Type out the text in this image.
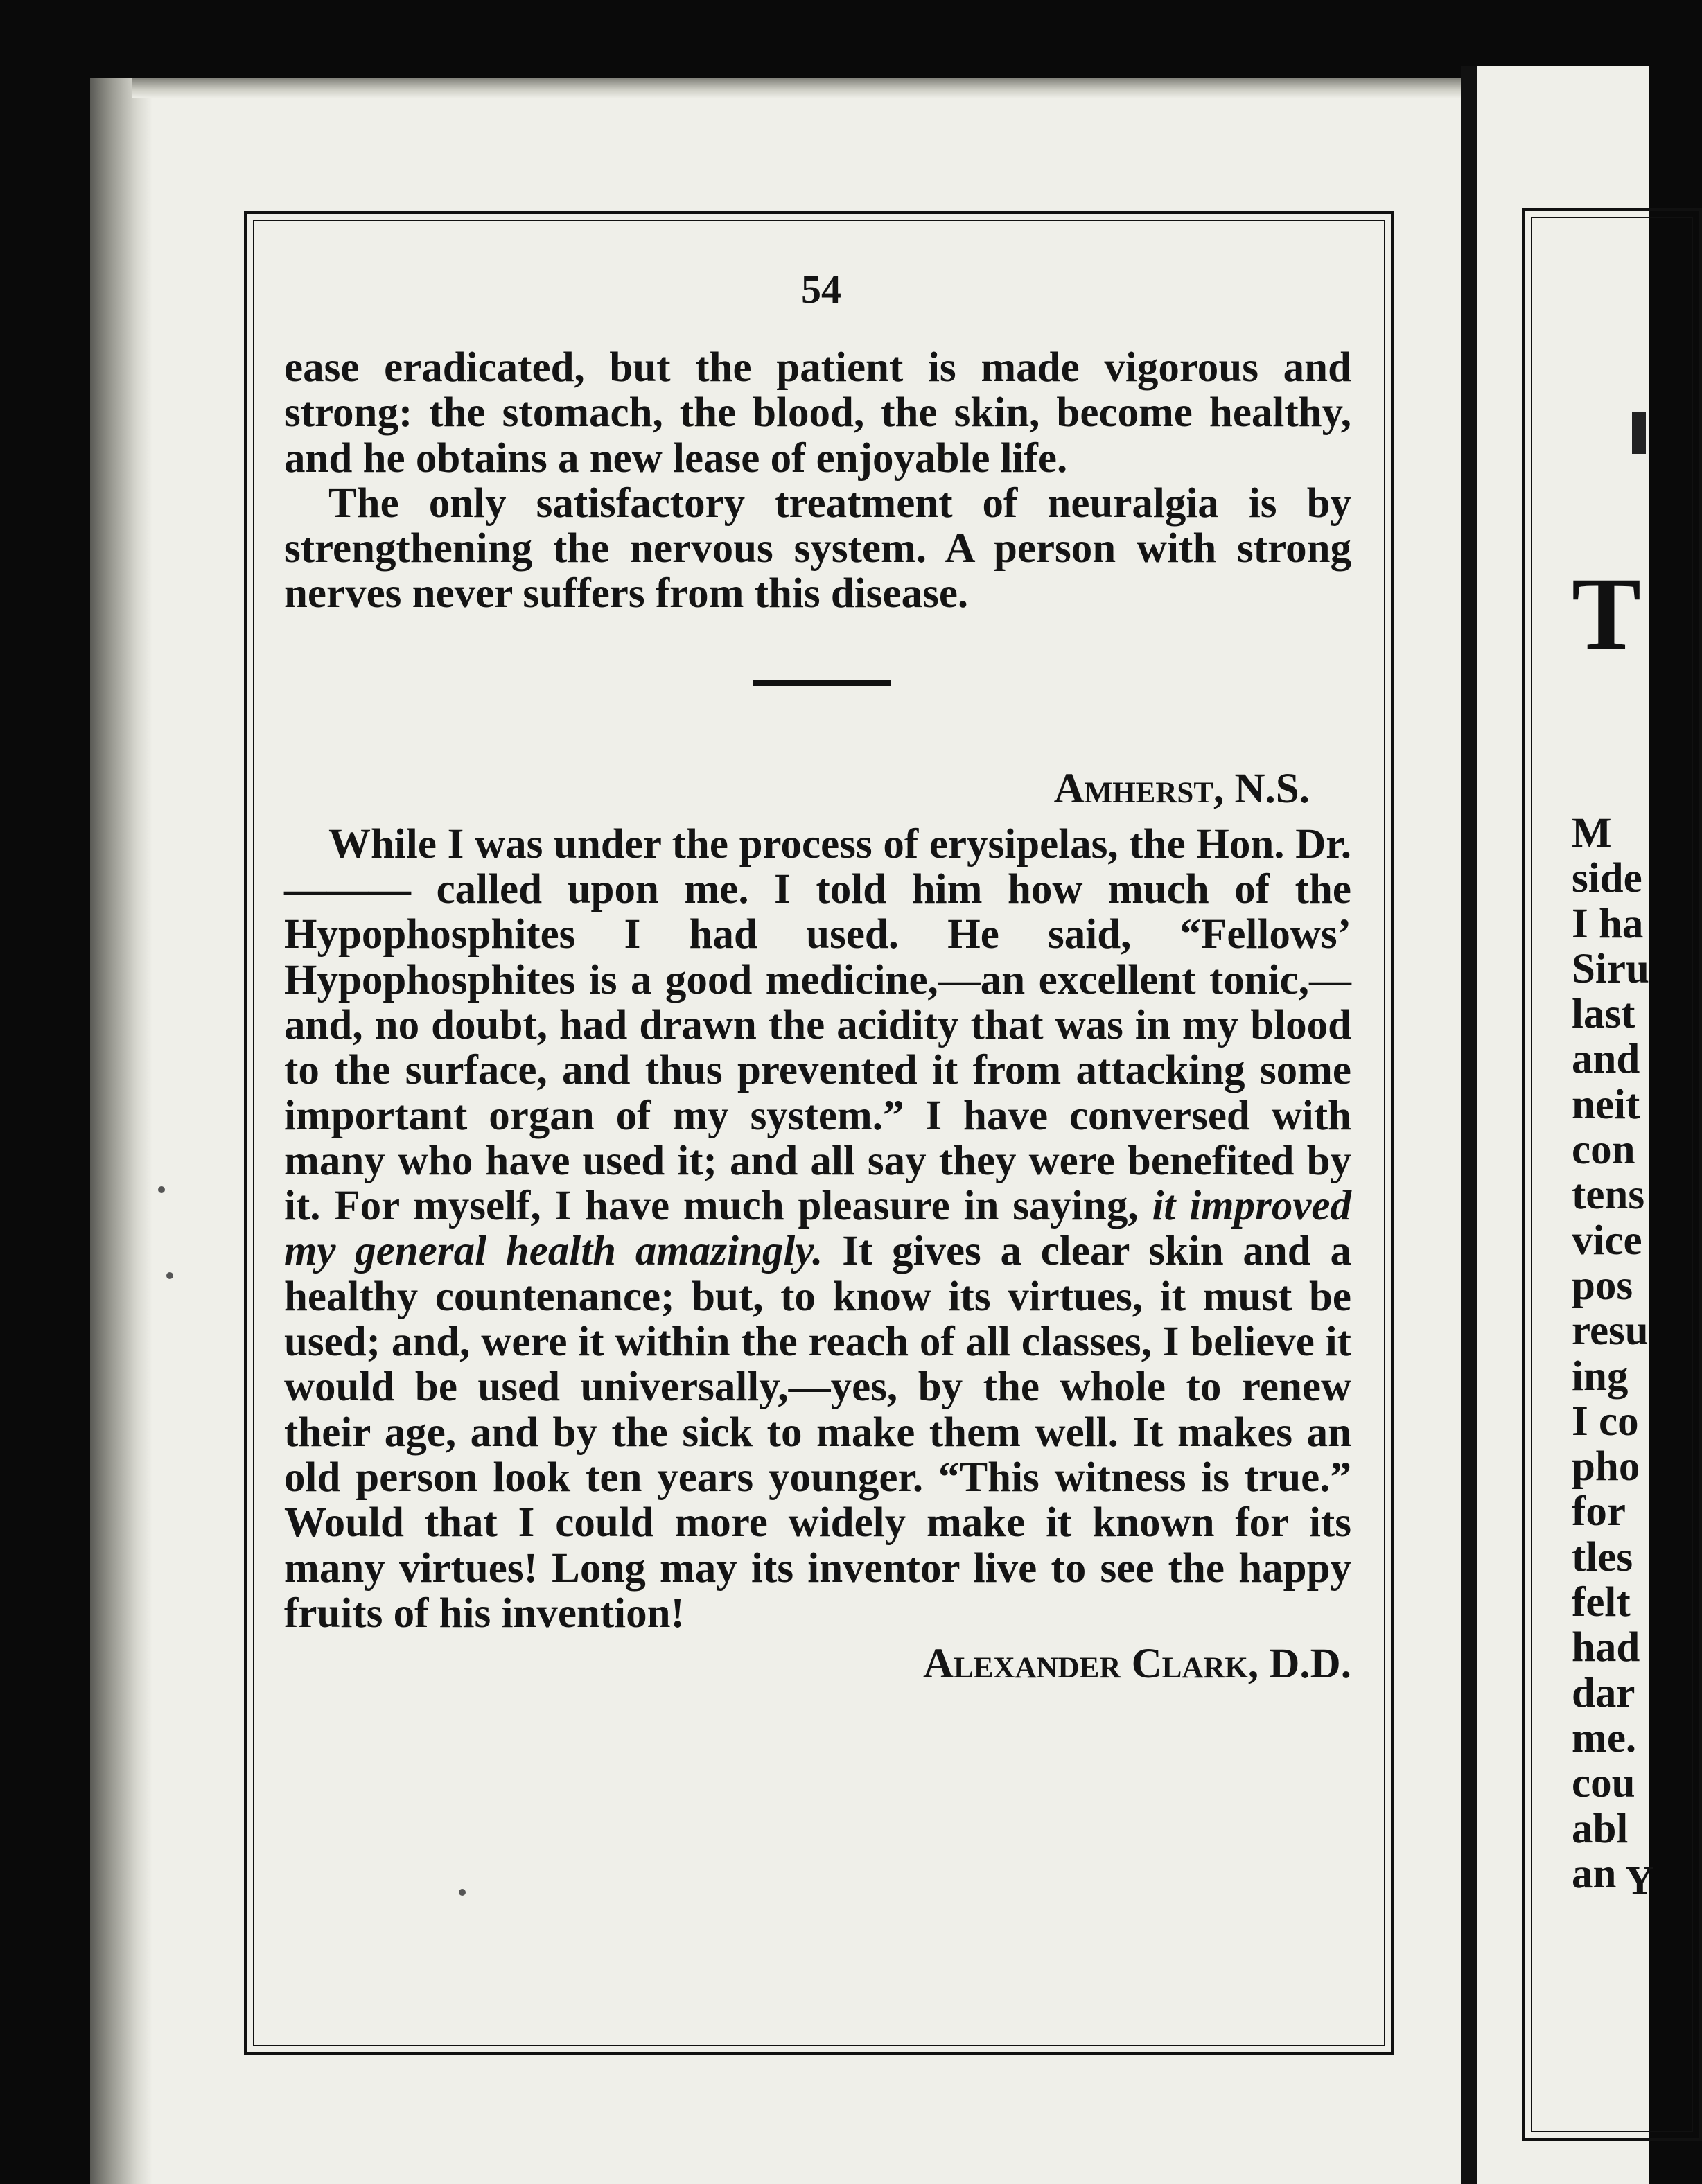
54

ease eradicated, but the patient is made vigorous and strong: the stomach, the blood, the skin, become healthy, and he obtains a new lease of enjoyable life.

The only satisfactory treatment of neuralgia is by strengthening the nervous system. A person with strong nerves never suffers from this disease.

Amherst, N.S.

While I was under the process of erysipelas, the Hon. Dr. ——— called upon me. I told him how much of the Hypophosphites I had used. He said, “Fellows’ Hypophosphites is a good medicine,—an excellent tonic,—and, no doubt, had drawn the acidity that was in my blood to the surface, and thus prevented it from attacking some important organ of my system.” I have conversed with many who have used it; and all say they were benefited by it. For myself, I have much pleasure in saying, it improved my general health amazingly. It gives a clear skin and a healthy countenance; but, to know its virtues, it must be used; and, were it within the reach of all classes, I believe it would be used universally,—yes, by the whole to renew their age, and by the sick to make them well. It makes an old person look ten years younger. “This witness is true.” Would that I could more widely make it known for its many virtues! Long may its inventor live to see the happy fruits of his invention!

Alexander Clark, D.D.
T
M
side
I ha
Siru
last
and
neit
con
tens
vice
pos
resu
ing
I co
pho
for
tles
felt
had
dar
me.
cou
abl
an Y
